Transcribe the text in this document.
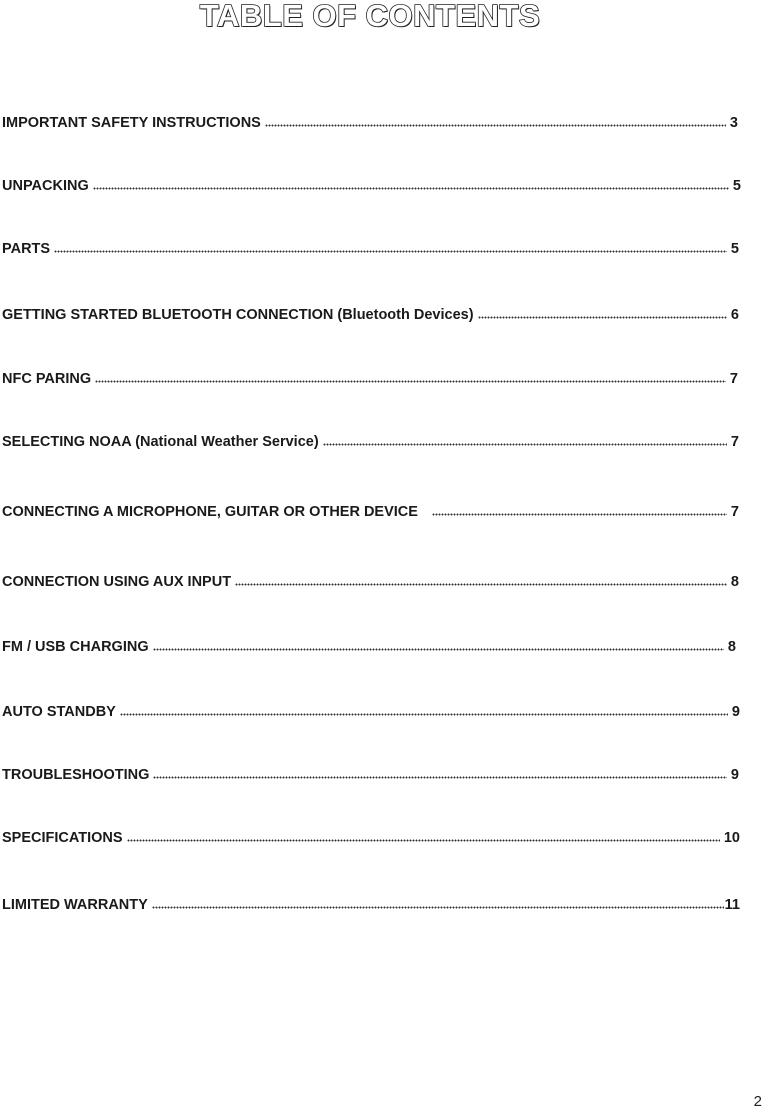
TABLE OF CONTENTS
IMPORTANT SAFETY INSTRUCTIONS	3
UNPACKING	5
PARTS	5
GETTING STARTED BLUETOOTH CONNECTION (Bluetooth Devices)	6
NFC PARING	7
SELECTING NOAA (National Weather Service)	7
CONNECTING A MICROPHONE, GUITAR OR OTHER DEVICE	7
CONNECTION USING AUX INPUT	8
FM / USB CHARGING	8
AUTO STANDBY	9
TROUBLESHOOTING	9
SPECIFICATIONS	10
LIMITED WARRANTY	11
2
